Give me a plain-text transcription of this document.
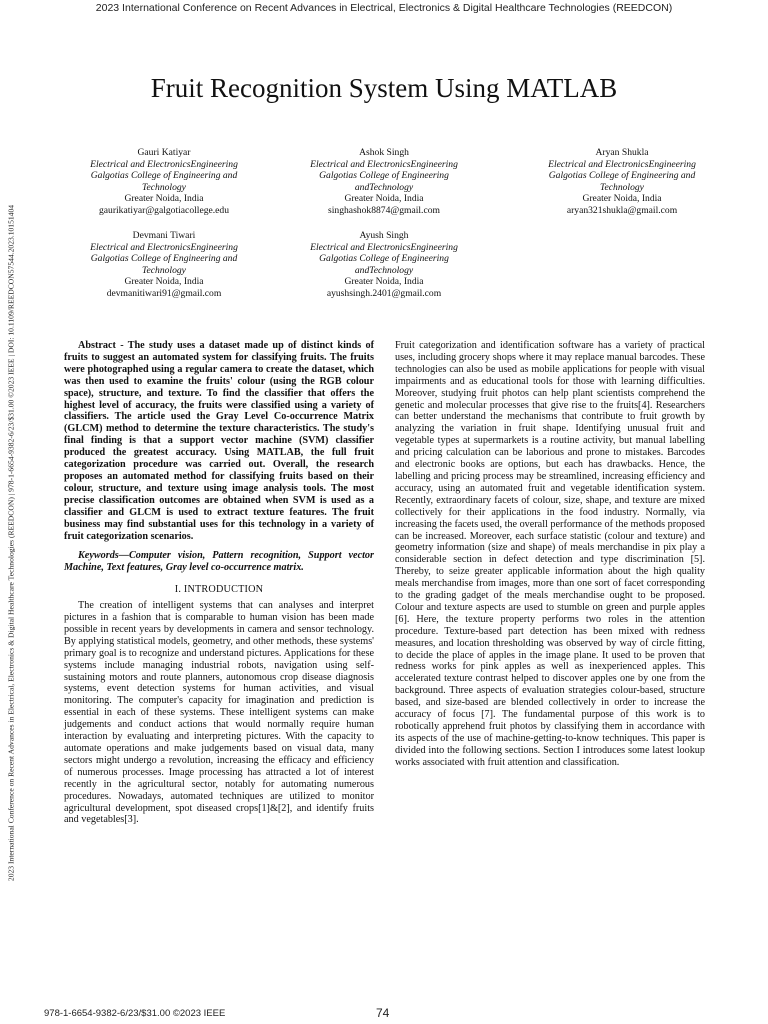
2023 International Conference on Recent Advances in Electrical, Electronics & Digital Healthcare Technologies (REEDCON)
2023 International Conference on Recent Advances in Electrical, Electronics & Digital Healthcare Technologies (REEDCON) | 978-1-6654-9382-6/23/$31.00 ©2023 IEEE | DOI: 10.1109/REEDCON57544.2023.10151404
Fruit Recognition System Using MATLAB
Gauri Katiyar
Electrical and ElectronicsEngineering
Galgotias College of Engineering and
Technology
Greater Noida, India
gaurikatiyar@galgotiacollege.edu
Ashok Singh
Electrical and ElectronicsEngineering
Galgotias College of Engineering
andTechnology
Greater Noida, India
singhashok8874@gmail.com
Aryan Shukla
Electrical and ElectronicsEngineering
Galgotias College of Engineering and
Technology
Greater Noida, India
aryan321shukla@gmail.com
Devmani Tiwari
Electrical and ElectronicsEngineering
Galgotias College of Engineering and
Technology
Greater Noida, India
devmanitiwari91@gmail.com
Ayush Singh
Electrical and ElectronicsEngineering
Galgotias College of Engineering
andTechnology
Greater Noida, India
ayushsingh.2401@gmail.com

Abstract - The study uses a dataset made up of distinct kinds of fruits to suggest an automated system for classifying fruits. The fruits were photographed using a regular camera to create the dataset, which was then used to examine the fruits' colour (using the RGB colour space), structure, and texture. To find the classifier that offers the highest level of accuracy, the fruits were classified using a variety of classifiers. The article used the Gray Level Co-occurrence Matrix (GLCM) method to determine the texture characteristics. The study's final finding is that a support vector machine (SVM) classifier produced the greatest accuracy. Using MATLAB, the full fruit categorization procedure was carried out. Overall, the research proposes an automated method for classifying fruits based on their colour, structure, and texture using image analysis tools. The most precise classification outcomes are obtained when SVM is used as a classifier and GLCM is used to extract texture features. The fruit business may find substantial uses for this technology in a variety of fruit categorization scenarios.

Keywords—Computer vision, Pattern recognition, Support vector Machine, Text features, Gray level co-occurrence matrix.

I. INTRODUCTION

The creation of intelligent systems that can analyses and interpret pictures in a fashion that is comparable to human vision has been made possible in recent years by developments in camera and sensor technology. By applying statistical models, geometry, and other methods, these systems' primary goal is to recognize and understand pictures. Applications for these systems include managing industrial robots, navigation using self-sustaining motors and route planners, autonomous crop disease diagnosis systems, event detection systems for human activities, and visual monitoring. The computer's capacity for imagination and prediction is essential in each of these systems. These intelligent systems can make judgements and conduct actions that would normally require human interaction by evaluating and interpreting pictures. With the capacity to automate operations and make judgements based on visual data, many sectors might undergo a revolution, increasing the efficacy and efficiency of numerous processes. Image processing has attracted a lot of interest recently in the agricultural sector, notably for automating numerous procedures. Nowadays, automated techniques are utilized to monitor agricultural development, spot diseased crops[1]&[2], and identify fruits and vegetables[3].

Fruit categorization and identification software has a variety of practical uses, including grocery shops where it may replace manual barcodes. These technologies can also be used as mobile applications for people with visual impairments and as educational tools for those with learning difficulties. Moreover, studying fruit photos can help plant scientists comprehend the genetic and molecular processes that give rise to the fruits[4]. Researchers can better understand the mechanisms that contribute to fruit growth by analyzing the variation in fruit shape. Identifying unusual fruit and vegetable types at supermarkets is a routine activity, but manual labelling and pricing calculation can be laborious and prone to mistakes. Barcodes and electronic books are options, but each has drawbacks. Hence, the labelling and pricing process may be streamlined, increasing efficiency and accuracy, using an automated fruit and vegetable identification system. Recently, extraordinary facets of colour, size, shape, and texture are mixed collectively for their applications in the food industry. Normally, via increasing the facets used, the overall performance of the methods proposed can be increased. Moreover, each surface statistic (colour and texture) and geometry information (size and shape) of meals merchandise in pix play a considerable section in defect detection and type discrimination [5]. Thereby, to seize greater applicable information about the high quality meals merchandise from images, more than one sort of facet corresponding to the grading gadget of the meals merchandise ought to be proposed. Colour and texture aspects are used to stumble on green and purple apples [6]. Here, the texture property performs two roles in the attention procedure. Texture-based part detection has been mixed with redness measures, and location thresholding was observed by way of circle fitting, to decide the place of apples in the image plane. It used to be proven that redness works for pink apples as well as inexperienced apples. This accelerated texture contrast helped to discover apples one by one from the background. Three aspects of evaluation strategies colour-based, structure based, and size-based are blended collectively in order to increase the accuracy of focus [7]. The fundamental purpose of this work is to robotically apprehend fruit photos by classifying them in accordance with its aspects of the use of machine-getting-to-know techniques. This paper is divided into the following sections. Section I introduces some latest lookup works associated with fruit attention and classification.

978-1-6654-9382-6/23/$31.00 ©2023 IEEE	74
